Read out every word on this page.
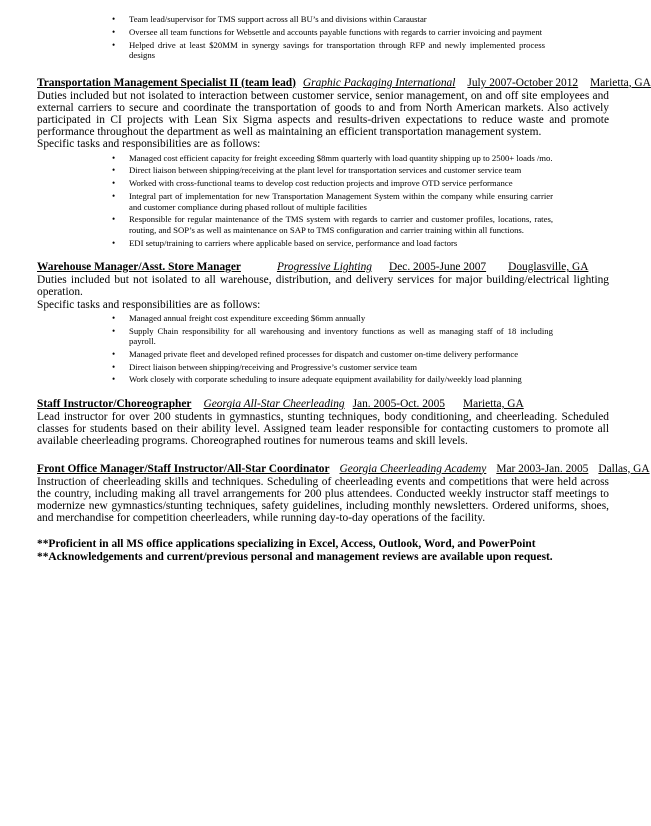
• Team lead/supervisor for TMS support across all BU’s and divisions within Caraustar
• Oversee all team functions for Websettle and accounts payable functions with regards to carrier invoicing and payment
• Helped drive at least $20MM in synergy savings for transportation through RFP and newly implemented process designs
Transportation Management Specialist II (team lead) Graphic Packaging International July 2007-October 2012 Marietta, GA

Duties included but not isolated to interaction between customer service, senior management, on and off site employees and external carriers to secure and coordinate the transportation of goods to and from North American markets. Also actively participated in CI projects with Lean Six Sigma aspects and results-driven expectations to reduce waste and promote performance throughout the department as well as maintaining an efficient transportation management system.

Specific tasks and responsibilities are as follows:

• Managed cost efficient capacity for freight exceeding $8mm quarterly with load quantity shipping up to 2500+ loads /mo.
• Direct liaison between shipping/receiving at the plant level for transportation services and customer service team
• Worked with cross-functional teams to develop cost reduction projects and improve OTD service performance
• Integral part of implementation for new Transportation Management System within the company while ensuring carrier and customer compliance during phased rollout of multiple facilities
• Responsible for regular maintenance of the TMS system with regards to carrier and customer profiles, locations, rates, routing, and SOP’s as well as maintenance on SAP to TMS configuration and carrier training within all functions.
• EDI setup/training to carriers where applicable based on service, performance and load factors
Warehouse Manager/Asst. Store Manager	Progressive Lighting Dec. 2005-June 2007 Douglasville, GA

Duties included but not isolated to all warehouse, distribution, and delivery services for major building/electrical lighting operation.

Specific tasks and responsibilities are as follows:

• Managed annual freight cost expenditure exceeding $6mm annually
• Supply Chain responsibility for all warehousing and inventory functions as well as managing staff of 18 including payroll.
• Managed private fleet and developed refined processes for dispatch and customer on-time delivery performance
• Direct liaison between shipping/receiving and Progressive’s customer service team
• Work closely with corporate scheduling to insure adequate equipment availability for daily/weekly load planning
Staff Instructor/Choreographer Georgia All-Star Cheerleading Jan. 2005-Oct. 2005 Marietta, GA

Lead instructor for over 200 students in gymnastics, stunting techniques, body conditioning, and cheerleading. Scheduled classes for students based on their ability level. Assigned team leader responsible for contacting customers to promote all available cheerleading programs. Choreographed routines for numerous teams and skill levels.

Front Office Manager/Staff Instructor/All-Star Coordinator Georgia Cheerleading Academy Mar 2003-Jan. 2005 Dallas, GA

Instruction of cheerleading skills and techniques. Scheduling of cheerleading events and competitions that were held across the country, including making all travel arrangements for 200 plus attendees. Conducted weekly instructor staff meetings to modernize new gymnastics/stunting techniques, safety guidelines, including monthly newsletters. Ordered uniforms, shoes, and merchandise for competition cheerleaders, while running day-to-day operations of the facility.

**Proficient in all MS office applications specializing in Excel, Access, Outlook, Word, and PowerPoint
**Acknowledgements and current/previous personal and management reviews are available upon request.
